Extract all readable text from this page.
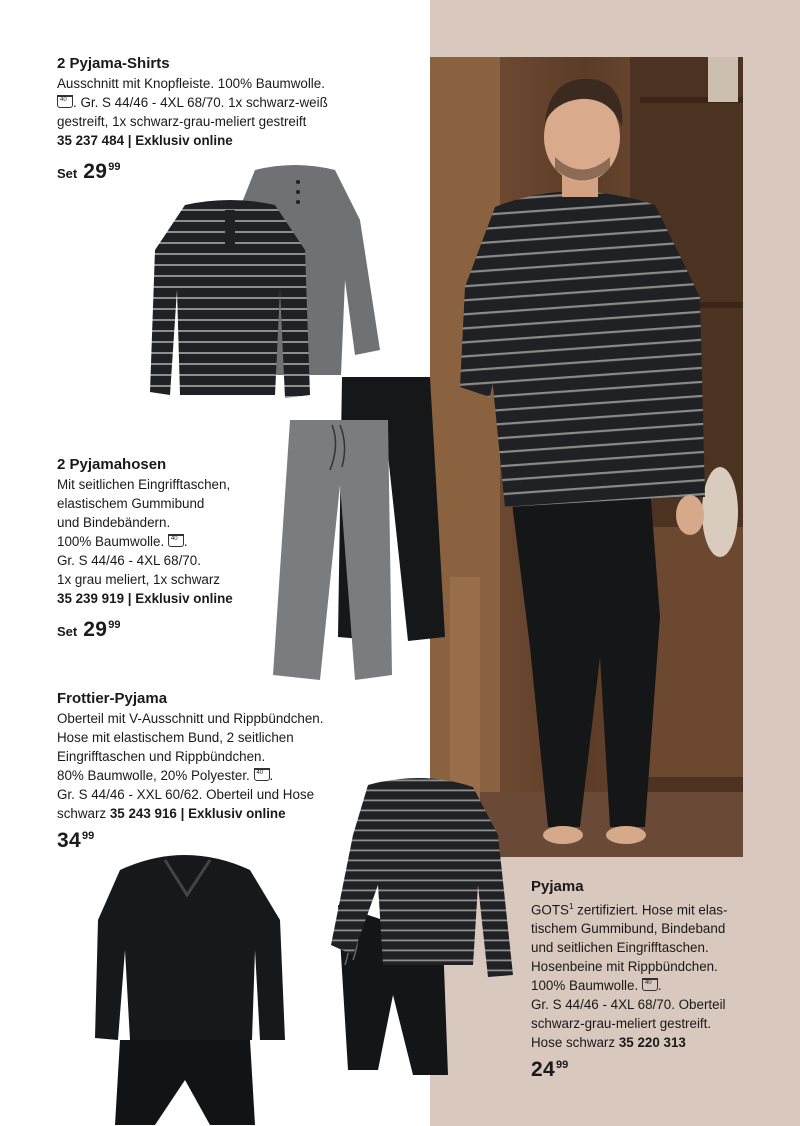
2 Pyjama-Shirts

Ausschnitt mit Knopfleiste. 100% Baumwolle.

40. Gr. S 44/46 - 4XL 68/70. 1x schwarz-weiß

gestreift, 1x schwarz-grau-meliert gestreift

35 237 484 | Exklusiv online

Set $29^{99}$
2 Pyjamahosen

Mit seitlichen Eingrifftaschen,

elastischem Gummibund

und Bindebändern.

100% Baumwolle. 40 .

Gr. S 44/46 - 4XL 68/70.

1x grau meliert, 1x schwarz

35 239 919 | Exklusiv online

Set $29^{99}$
Frottier-Pyjama

Oberteil mit V-Ausschnitt und Rippbündchen.

Hose mit elastischem Bund, 2 seitlichen

Eingrifftaschen und Rippbündchen.

80% Baumwolle, 20% Polyester. 40 .

Gr. S 44/46 - XXL 60/62. Oberteil und Hose

schwarz 35 243 916 | Exklusiv online

$34^{99}$
Pyjama

GOTS$^1$ zertifiziert. Hose mit elas-

tischem Gummibund, Bindeband

und seitlichen Eingrifftaschen.

Hosenbeine mit Rippbündchen.

100% Baumwolle. 40 .

Gr. S 44/46 - 4XL 68/70. Oberteil

schwarz-grau-meliert gestreift.

Hose schwarz 35 220 313

$24^{99}$
